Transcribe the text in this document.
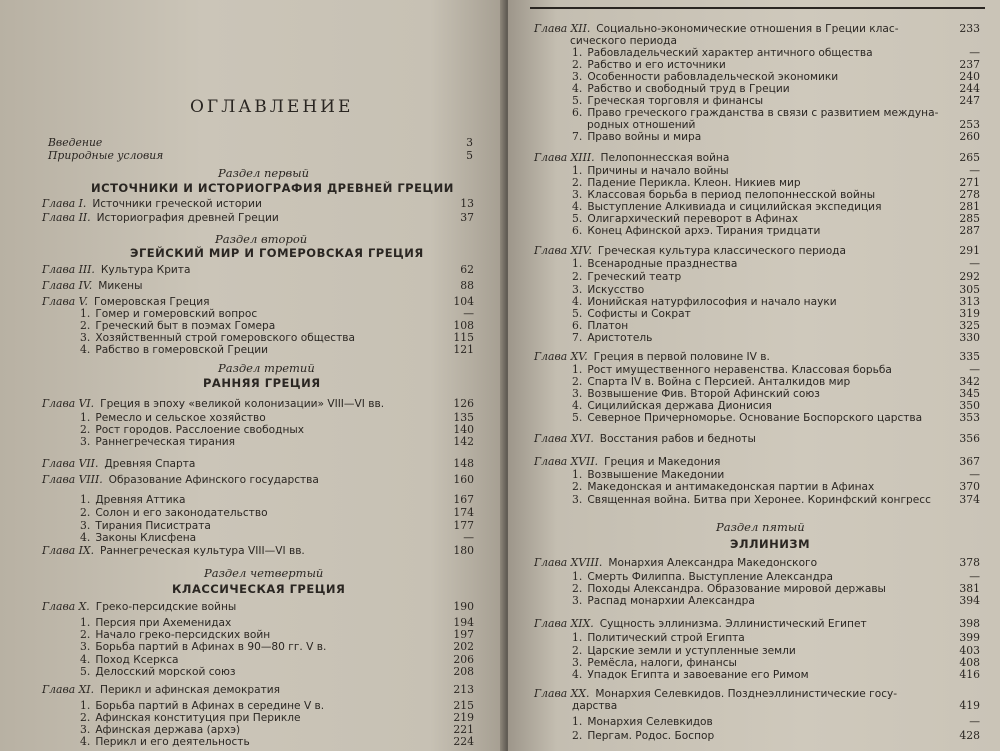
ОГЛАВЛЕНИЕ
Введение	3
Природные условия	5
Раздел первый
ИСТОЧНИКИ И ИСТОРИОГРАФИЯ ДРЕВНЕЙ ГРЕЦИИ
Глава I. Источники греческой истории	13
Глава II. Историография древней Греции	37
Раздел второй
ЭГЕЙСКИЙ МИР И ГОМЕРОВСКАЯ ГРЕЦИЯ
Глава III. Культура Крита	62
Глава IV. Микены	88
Глава V. Гомеровская Греция	104
1. Гомер и гомеровский вопрос	—
2. Греческий быт в поэмах Гомера	108
3. Хозяйственный строй гомеровского общества	115
4. Рабство в гомеровской Греции	121
Раздел третий
РАННЯЯ ГРЕЦИЯ
Глава VI. Греция в эпоху «великой колонизации» VIII—VI вв.	126
1. Ремесло и сельское хозяйство	135
2. Рост городов. Расслоение свободных	140
3. Раннегреческая тирания	142
Глава VII. Древняя Спарта	148
Глава VIII. Образование Афинского государства	160
1. Древняя Аттика	167
2. Солон и его законодательство	174
3. Тирания Писистрата	177
4. Законы Клисфена	—
Глава IX. Раннегреческая культура VIII—VI вв.	180
Раздел четвертый
КЛАССИЧЕСКАЯ ГРЕЦИЯ
Глава X. Греко-персидские войны	190
1. Персия при Ахеменидах	194
2. Начало греко-персидских войн	197
3. Борьба партий в Афинах в 90—80 гг. V в.	202
4. Поход Ксеркса	206
5. Делосский морской союз	208
Глава XI. Перикл и афинская демократия	213
1. Борьба партий в Афинах в середине V в.	215
2. Афинская конституция при Перикле	219
3. Афинская держава (архэ)	221
4. Перикл и его деятельность	224
Глава XII. Социально-экономические отношения в Греции клас-	233
сического периода
1. Рабовладельческий характер античного общества	—
2. Рабство и его источники	237
3. Особенности рабовладельческой экономики	240
4. Рабство и свободный труд в Греции	244
5. Греческая торговля и финансы	247
6. Право греческого гражданства в связи с развитием междуна-
родных отношений	253
7. Право войны и мира	260
Глава XIII. Пелопоннесская война	265
1. Причины и начало войны	—
2. Падение Перикла. Клеон. Никиев мир	271
3. Классовая борьба в период пелопоннесской войны	278
4. Выступление Алкивиада и сицилийская экспедиция	281
5. Олигархический переворот в Афинах	285
6. Конец Афинской архэ. Тирания тридцати	287
Глава XIV. Греческая культура классического периода	291
1. Всенародные празднества	—
2. Греческий театр	292
3. Искусство	305
4. Ионийская натурфилософия и начало науки	313
5. Софисты и Сократ	319
6. Платон	325
7. Аристотель	330
Глава XV. Греция в первой половине IV в.	335
1. Рост имущественного неравенства. Классовая борьба	—
2. Спарта IV в. Война с Персией. Анталкидов мир	342
3. Возвышение Фив. Второй Афинский союз	345
4. Сицилийская держава Дионисия	350
5. Северное Причерноморье. Основание Боспорского царства	353
Глава XVI. Восстания рабов и бедноты	356
Глава XVII. Греция и Македония	367
1. Возвышение Македонии	—
2. Македонская и антимакедонская партии в Афинах	370
3. Священная война. Битва при Херонее. Коринфский конгресс	374
Раздел пятый
ЭЛЛИНИЗМ
Глава XVIII. Монархия Александра Македонского	378
1. Смерть Филиппа. Выступление Александра	—
2. Походы Александра. Образование мировой державы	381
3. Распад монархии Александра	394
Глава XIX. Сущность эллинизма. Эллинистический Египет	398
1. Политический строй Египта	399
2. Царские земли и уступленные земли	403
3. Ремёсла, налоги, финансы	408
4. Упадок Египта и завоевание его Римом	416
Глава XX. Монархия Селевкидов. Позднеэллинистические госу-
дарства	419
1. Монархия Селевкидов	—
2. Пергам. Родос. Боспор	428
